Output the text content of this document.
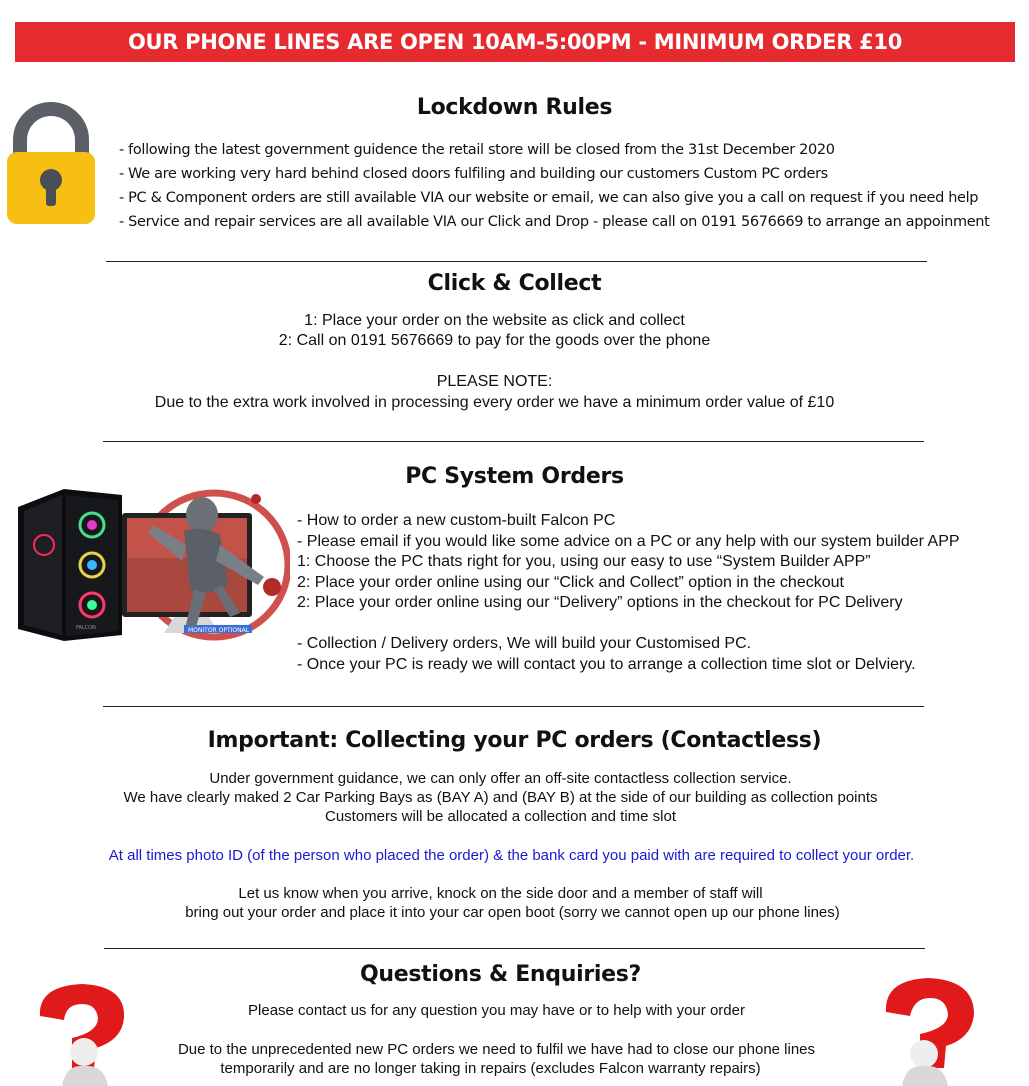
OUR PHONE LINES ARE OPEN 10AM-5:00PM - MINIMUM ORDER £10
Lockdown Rules
- following the latest government guidence the retail store will be closed from the 31st December 2020
- We are working very hard behind closed doors fulfiling and building our customers Custom PC orders
- PC & Component orders are still available VIA our website or email, we can also give you a call on request if you need help
- Service and repair services are all available VIA our Click and Drop - please call on 0191 5676669 to arrange an appoinment
Click & Collect
1: Place your order on the website as click and collect
2: Call on 0191 5676669 to pay for the goods over the phone
PLEASE NOTE:
Due to the extra work involved in processing every order we have a minimum order value of £10
PC System Orders
MONITOR OPTIONAL
FALCON
- How to order a new custom-built Falcon PC
- Please email if you would like some advice on a PC or any help with our system builder APP
1: Choose the PC thats right for you, using our easy to use “System Builder APP”
2: Place your order online using our “Click and Collect” option in the checkout
2: Place your order online using our “Delivery” options in the checkout for PC Delivery
- Collection / Delivery orders, We will build your Customised PC.
- Once your PC is ready we will contact you to arrange a collection time slot or Delviery.
Important: Collecting your PC orders (Contactless)
Under government guidance, we can only offer an off-site contactless collection service.
We have clearly maked 2 Car Parking Bays as (BAY A) and (BAY B) at the side of our building as collection points
Customers will be allocated a collection and time slot
At all times photo ID (of the person who placed the order) & the bank card you paid with are required to collect your order.
Let us know when you arrive, knock on the side door and a member of staff will
bring out your order and place it into your car open boot (sorry we cannot open up our phone lines)
Questions & Enquiries?
Please contact us for any question you may have or to help with your order
Due to the unprecedented new PC orders we need to fulfil we have had to close our phone lines
temporarily and are no longer taking in repairs (excludes Falcon warranty repairs)
